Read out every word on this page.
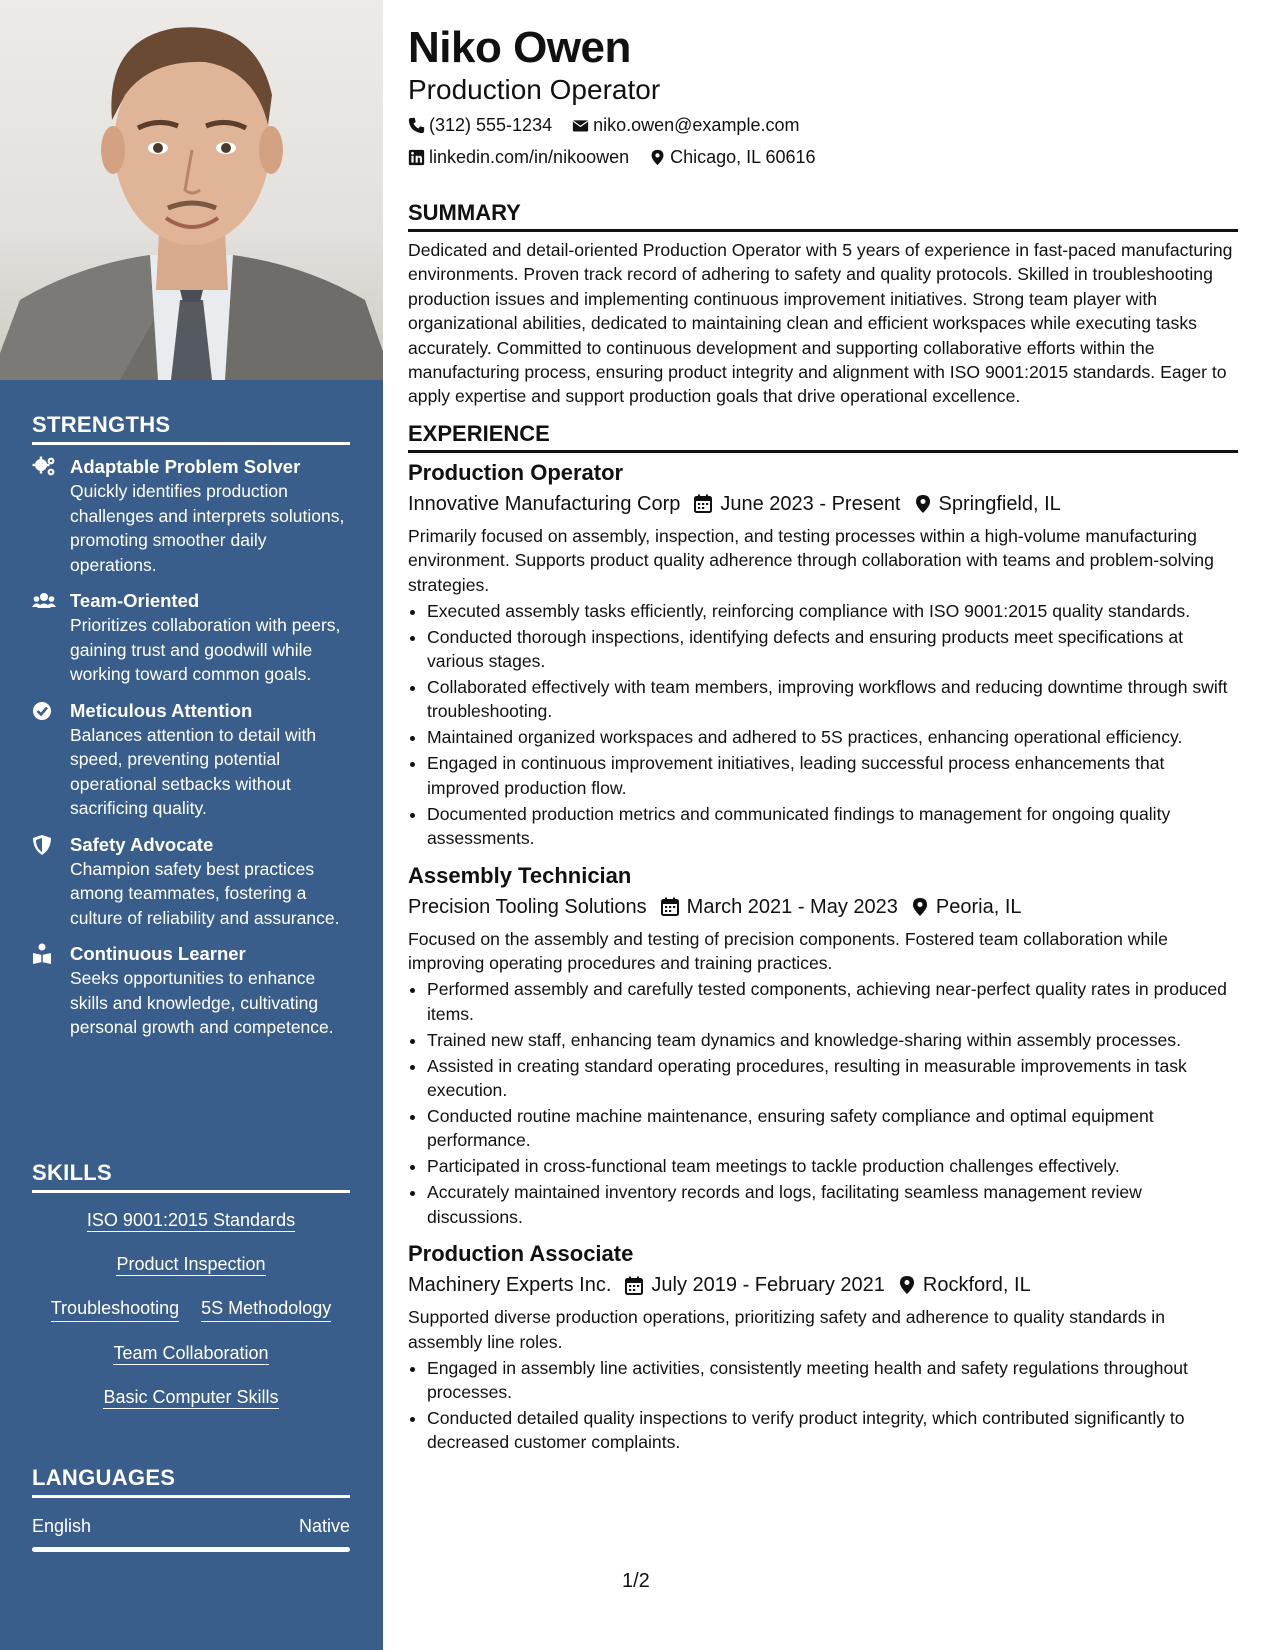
STRENGTHS
Adaptable Problem Solver
Quickly identifies production challenges and interprets solutions, promoting smoother daily operations.
Team-Oriented
Prioritizes collaboration with peers, gaining trust and goodwill while working toward common goals.
Meticulous Attention
Balances attention to detail with speed, preventing potential operational setbacks without sacrificing quality.
Safety Advocate
Champion safety best practices among teammates, fostering a culture of reliability and assurance.
Continuous Learner
Seeks opportunities to enhance skills and knowledge, cultivating personal growth and competence.
SKILLS
ISO 9001:2015 Standards
Product Inspection
Troubleshooting 5S Methodology
Team Collaboration
Basic Computer Skills
LANGUAGES
English	Native
Niko Owen
Production Operator
(312) 555-1234 niko.owen@example.com
linkedin.com/in/nikoowen Chicago, IL 60616
SUMMARY
Dedicated and detail-oriented Production Operator with 5 years of experience in fast-paced manufacturing environments. Proven track record of adhering to safety and quality protocols. Skilled in troubleshooting production issues and implementing continuous improvement initiatives. Strong team player with organizational abilities, dedicated to maintaining clean and efficient workspaces while executing tasks accurately. Committed to continuous development and supporting collaborative efforts within the manufacturing process, ensuring product integrity and alignment with ISO 9001:2015 standards. Eager to apply expertise and support production goals that drive operational excellence.
EXPERIENCE
Production Operator
Innovative Manufacturing Corp June 2023 - Present Springfield, IL
Primarily focused on assembly, inspection, and testing processes within a high-volume manufacturing environment. Supports product quality adherence through collaboration with teams and problem-solving strategies.
• Executed assembly tasks efficiently, reinforcing compliance with ISO 9001:2015 quality standards.
• Conducted thorough inspections, identifying defects and ensuring products meet specifications at various stages.
• Collaborated effectively with team members, improving workflows and reducing downtime through swift troubleshooting.
• Maintained organized workspaces and adhered to 5S practices, enhancing operational efficiency.
• Engaged in continuous improvement initiatives, leading successful process enhancements that improved production flow.
• Documented production metrics and communicated findings to management for ongoing quality assessments.
Assembly Technician
Precision Tooling Solutions March 2021 - May 2023 Peoria, IL
Focused on the assembly and testing of precision components. Fostered team collaboration while improving operating procedures and training practices.
• Performed assembly and carefully tested components, achieving near-perfect quality rates in produced items.
• Trained new staff, enhancing team dynamics and knowledge-sharing within assembly processes.
• Assisted in creating standard operating procedures, resulting in measurable improvements in task execution.
• Conducted routine machine maintenance, ensuring safety compliance and optimal equipment performance.
• Participated in cross-functional team meetings to tackle production challenges effectively.
• Accurately maintained inventory records and logs, facilitating seamless management review discussions.
Production Associate
Machinery Experts Inc. July 2019 - February 2021 Rockford, IL
Supported diverse production operations, prioritizing safety and adherence to quality standards in assembly line roles.
• Engaged in assembly line activities, consistently meeting health and safety regulations throughout processes.
• Conducted detailed quality inspections to verify product integrity, which contributed significantly to decreased customer complaints.
1/2
